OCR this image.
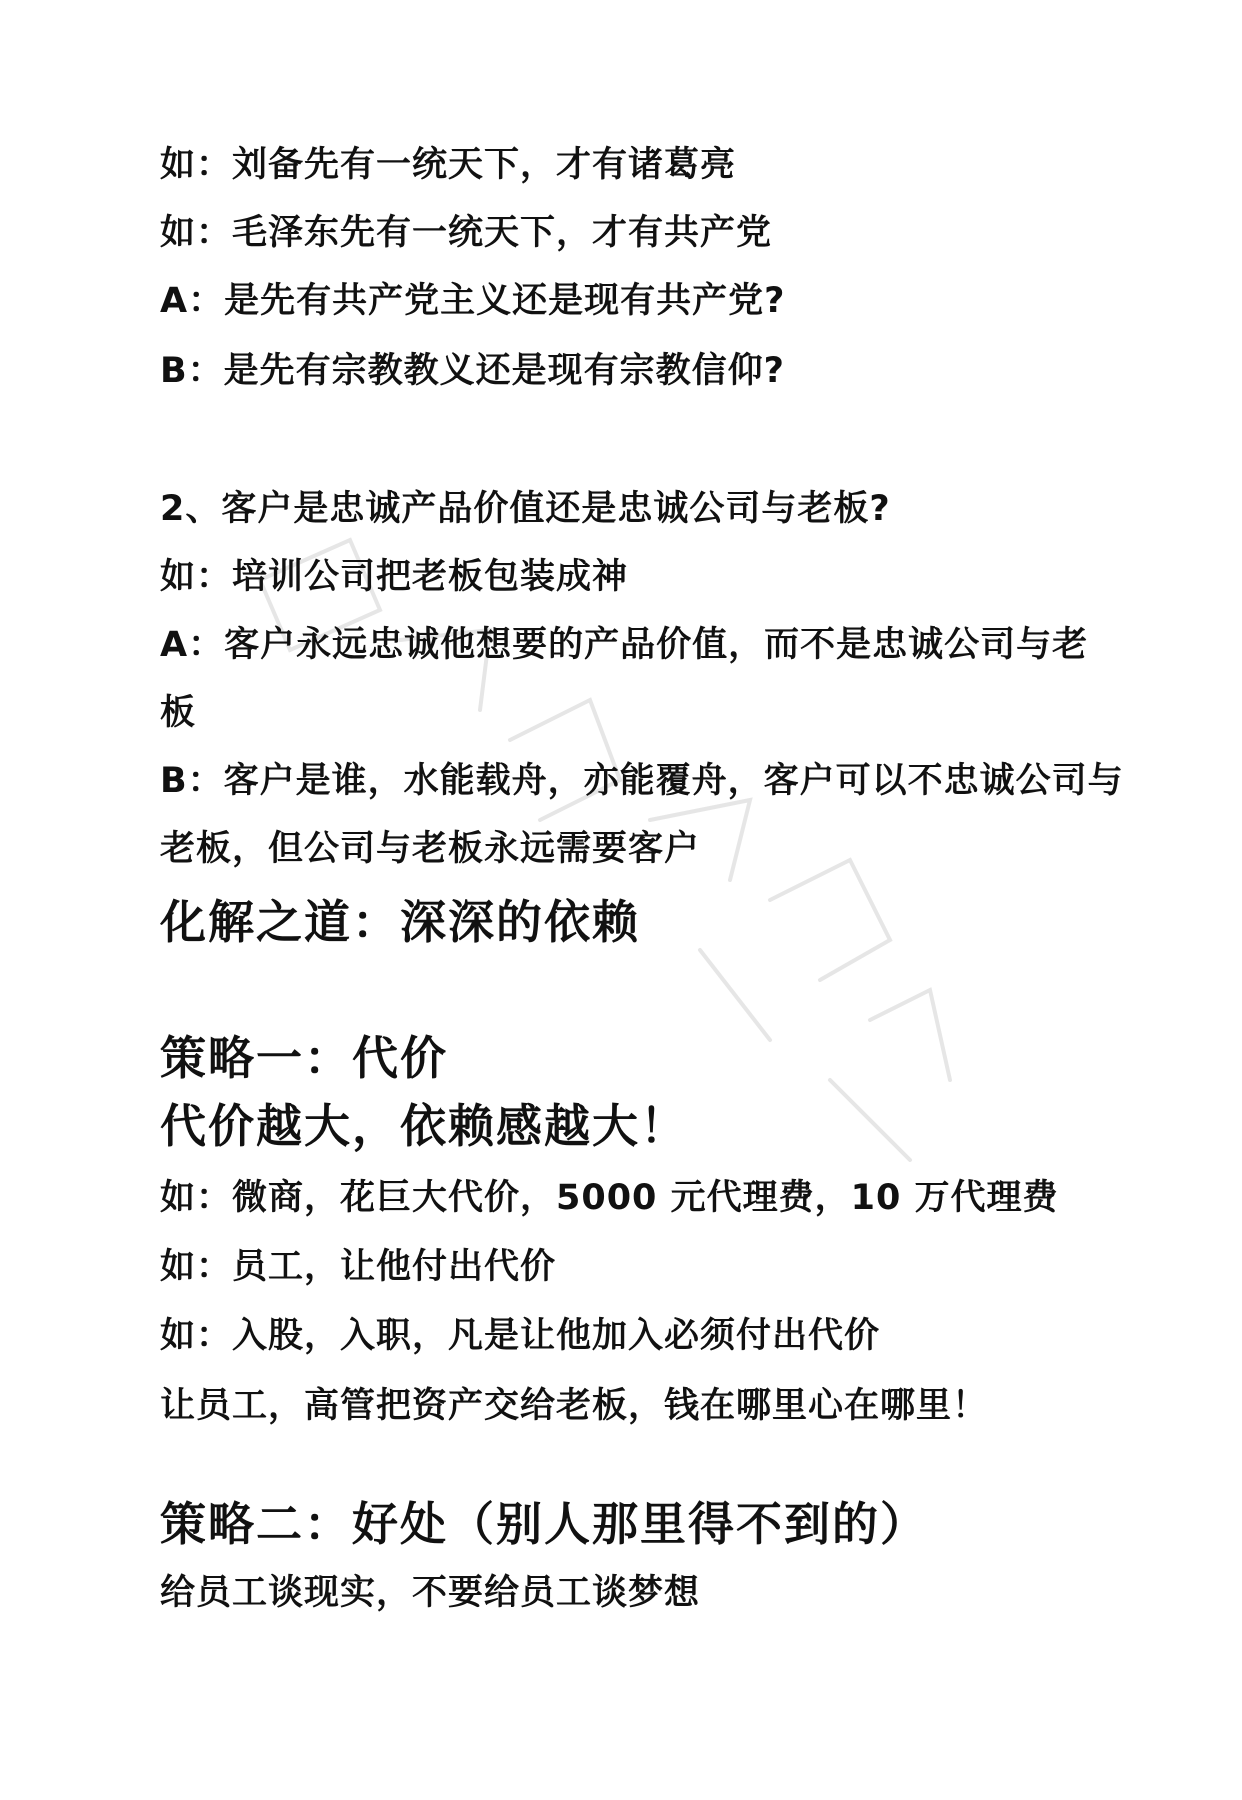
如：刘备先有一统天下，才有诸葛亮
如：毛泽东先有一统天下，才有共产党
A：是先有共产党主义还是现有共产党?
B：是先有宗教教义还是现有宗教信仰?
2、客户是忠诚产品价值还是忠诚公司与老板?
如：培训公司把老板包装成神
A：客户永远忠诚他想要的产品价值，而不是忠诚公司与老
板
B：客户是谁，水能载舟，亦能覆舟，客户可以不忠诚公司与
老板，但公司与老板永远需要客户
化解之道：深深的依赖
策略一：代价
代价越大，依赖感越大！
如：微商，花巨大代价，5000 元代理费，10 万代理费
如：员工，让他付出代价
如：入股，入职，凡是让他加入必须付出代价
让员工，高管把资产交给老板，钱在哪里心在哪里！
策略二：好处（别人那里得不到的）
给员工谈现实，不要给员工谈梦想
